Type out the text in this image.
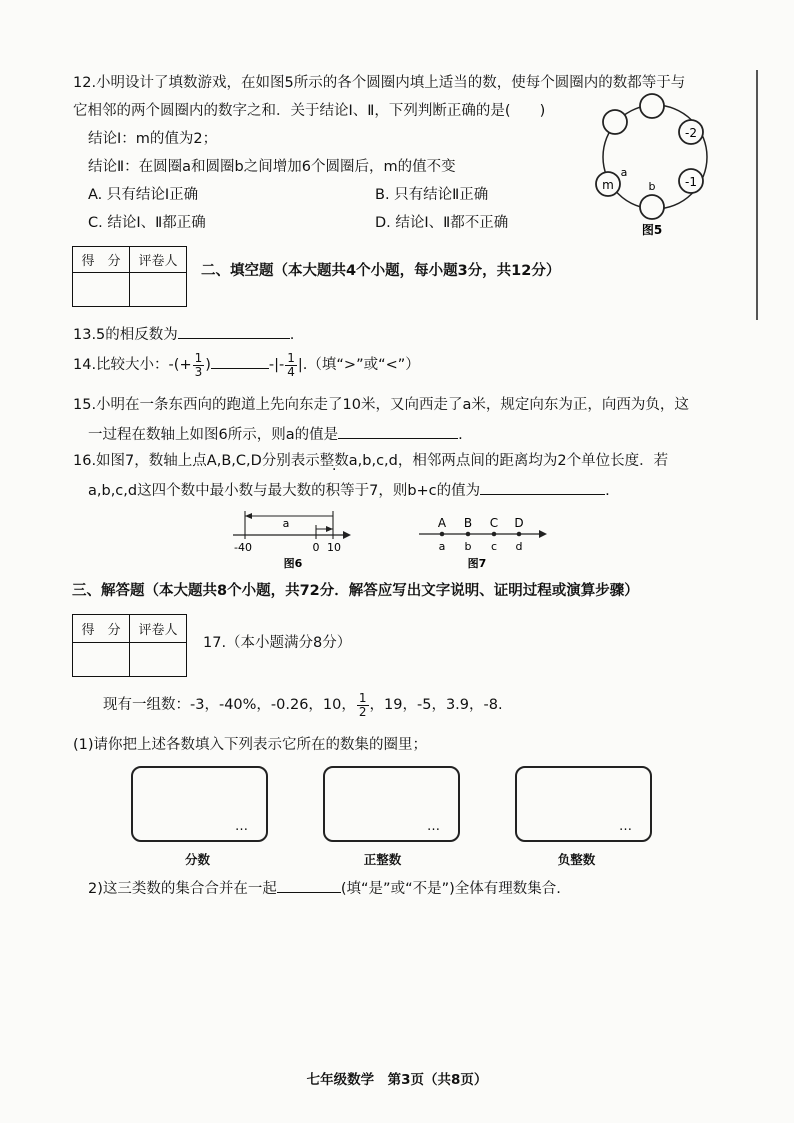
12.小明设计了填数游戏，在如图5所示的各个圆圈内填上适当的数，使每个圆圈内的数都等于与
它相邻的两个圆圈内的数字之和．关于结论Ⅰ、Ⅱ，下列判断正确的是(　　)
结论Ⅰ：m的值为2；
结论Ⅱ：在圆圈a和圆圈b之间增加6个圆圈后，m的值不变
A. 只有结论Ⅰ正确	B. 只有结论Ⅱ正确
C. 结论Ⅰ、Ⅱ都正确	D. 结论Ⅰ、Ⅱ都不正确
-2
-1
m
a
b
图5
得　分	评卷人

二、填空题（本大题共4个小题，每小题3分，共12分）
13.5的相反数为	.
14.比较大小：-(+ $\frac{1}{3}$ )	-|- $\frac{1}{4}$ |.（填“>”或“<”）
15.小明在一条东西向的跑道上先向东走了10米，又向西走了a米，规定向东为正，向西为负，这
一过程在数轴上如图6所示，则a的值是	.
16.如图7，数轴上点A,B,C,D分别表示整数a,b,c,d，相邻两点间的距离均为2个单位长度．若
a,b,c,d这四个数中最小数与最大数的积等于7，则b+c的值为	.
a
-40	0 10
图6
A B C D
a b c d
图7
三、解答题（本大题共8个小题，共72分．解答应写出文字说明、证明过程或演算步骤）
得　分	评卷人

17.（本小题满分8分）
现有一组数：-3，-40%，-0.26，10， $\frac{1}{2}$ ，19，-5，3.9，-8.
(1)请你把上述各数填入下列表示它所在的数集的圈里；
…	…	…
分数	正整数	负整数
2)这三类数的集合合并在一起	(填“是”或“不是”)全体有理数集合.
七年级数学　第3页（共8页）
